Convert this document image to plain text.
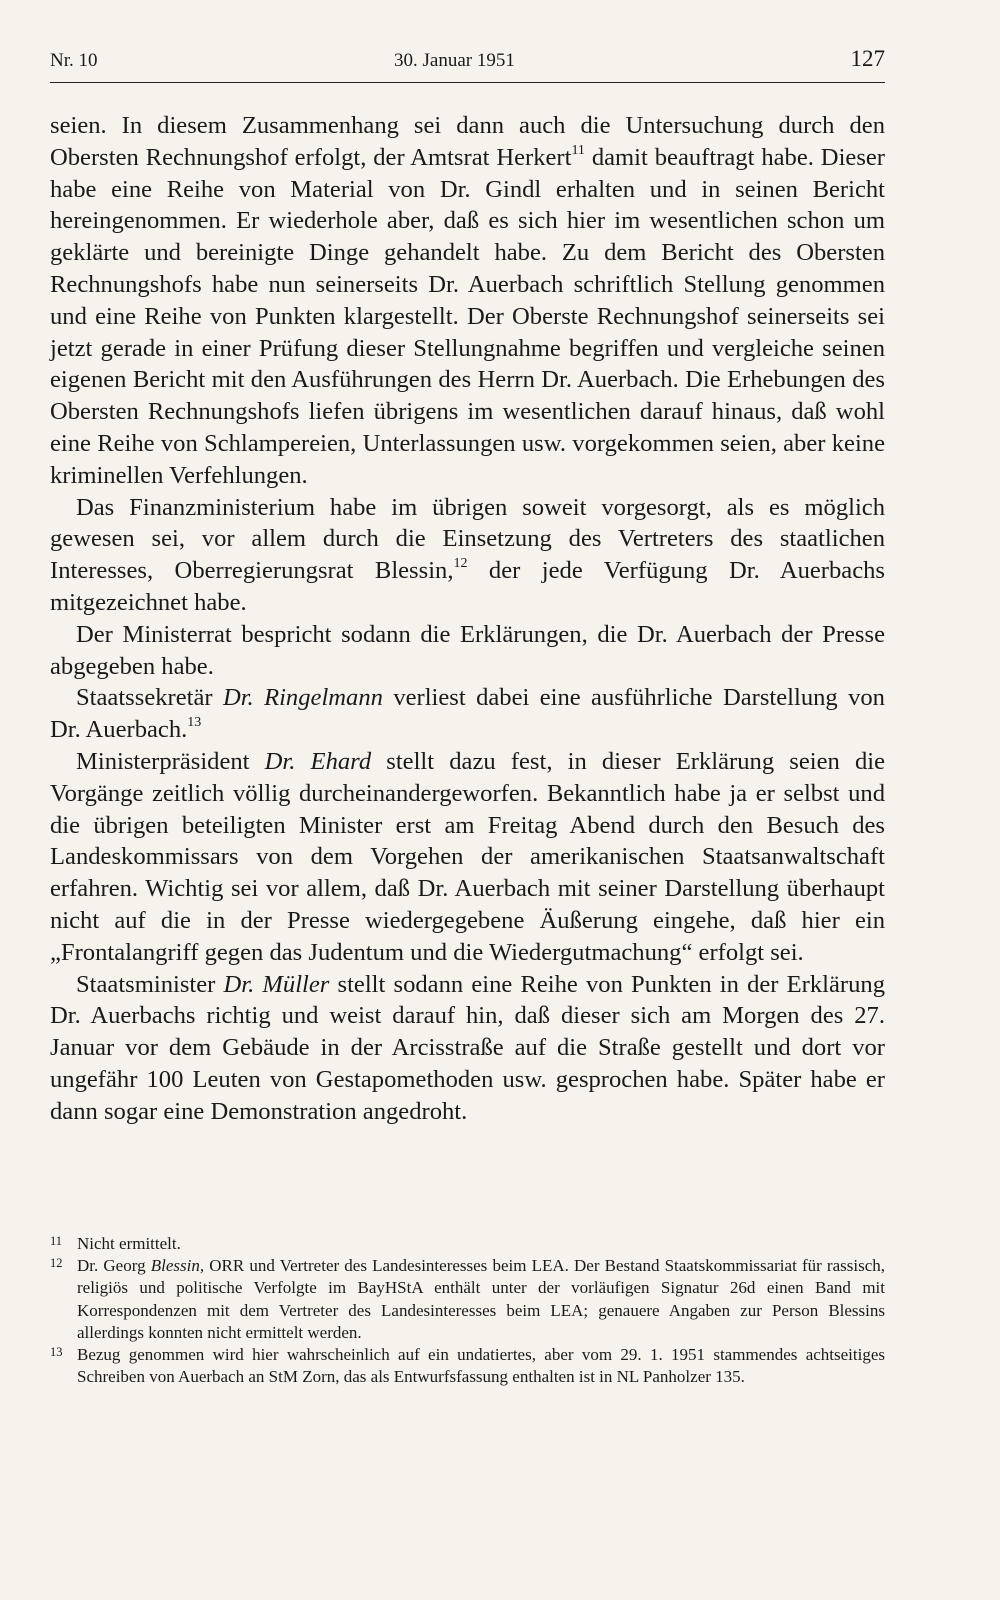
Nr. 10	30. Januar 1951	127

seien. In diesem Zusammenhang sei dann auch die Untersuchung durch den Obersten Rechnungshof erfolgt, der Amtsrat Herkert$^{11}$ damit beauftragt habe. Dieser habe eine Reihe von Material von Dr. Gindl erhalten und in seinen Bericht hereingenommen. Er wiederhole aber, daß es sich hier im wesentlichen schon um geklärte und bereinigte Dinge gehandelt habe. Zu dem Bericht des Obersten Rechnungshofs habe nun seinerseits Dr. Auerbach schriftlich Stellung genommen und eine Reihe von Punkten klargestellt. Der Oberste Rechnungshof seinerseits sei jetzt gerade in einer Prüfung dieser Stellungnahme begriffen und vergleiche seinen eigenen Bericht mit den Ausführungen des Herrn Dr. Auerbach. Die Erhebungen des Obersten Rechnungshofs liefen übrigens im wesentlichen darauf hinaus, daß wohl eine Reihe von Schlampereien, Unterlassungen usw. vorgekommen seien, aber keine kriminellen Verfehlungen.

Das Finanzministerium habe im übrigen soweit vorgesorgt, als es möglich gewesen sei, vor allem durch die Einsetzung des Vertreters des staatlichen Interesses, Oberregierungsrat Blessin,$^{12}$ der jede Verfügung Dr. Auerbachs mitgezeichnet habe.

Der Ministerrat bespricht sodann die Erklärungen, die Dr. Auerbach der Presse abgegeben habe.

Staatssekretär Dr. Ringelmann verliest dabei eine ausführliche Darstellung von Dr. Auerbach.$^{13}$

Ministerpräsident Dr. Ehard stellt dazu fest, in dieser Erklärung seien die Vorgänge zeitlich völlig durcheinandergeworfen. Bekanntlich habe ja er selbst und die übrigen beteiligten Minister erst am Freitag Abend durch den Besuch des Landeskommissars von dem Vorgehen der amerikanischen Staatsanwaltschaft erfahren. Wichtig sei vor allem, daß Dr. Auerbach mit seiner Darstellung überhaupt nicht auf die in der Presse wiedergegebene Äußerung eingehe, daß hier ein „Frontalangriff gegen das Judentum und die Wiedergutmachung“ erfolgt sei.

Staatsminister Dr. Müller stellt sodann eine Reihe von Punkten in der Erklärung Dr. Auerbachs richtig und weist darauf hin, daß dieser sich am Morgen des 27. Januar vor dem Gebäude in der Arcisstraße auf die Straße gestellt und dort vor ungefähr 100 Leuten von Gestapomethoden usw. gesprochen habe. Später habe er dann sogar eine Demonstration angedroht.

11 Nicht ermittelt.

12 Dr. Georg Blessin, ORR und Vertreter des Landesinteresses beim LEA. Der Bestand Staatskommissariat für rassisch, religiös und politische Verfolgte im BayHStA enthält unter der vorläufigen Signatur 26d einen Band mit Korrespondenzen mit dem Vertreter des Landesinteresses beim LEA; genauere Angaben zur Person Blessins allerdings konnten nicht ermittelt werden.

13 Bezug genommen wird hier wahrscheinlich auf ein undatiertes, aber vom 29. 1. 1951 stammendes achtseitiges Schreiben von Auerbach an StM Zorn, das als Entwurfsfassung enthalten ist in NL Panholzer 135.
